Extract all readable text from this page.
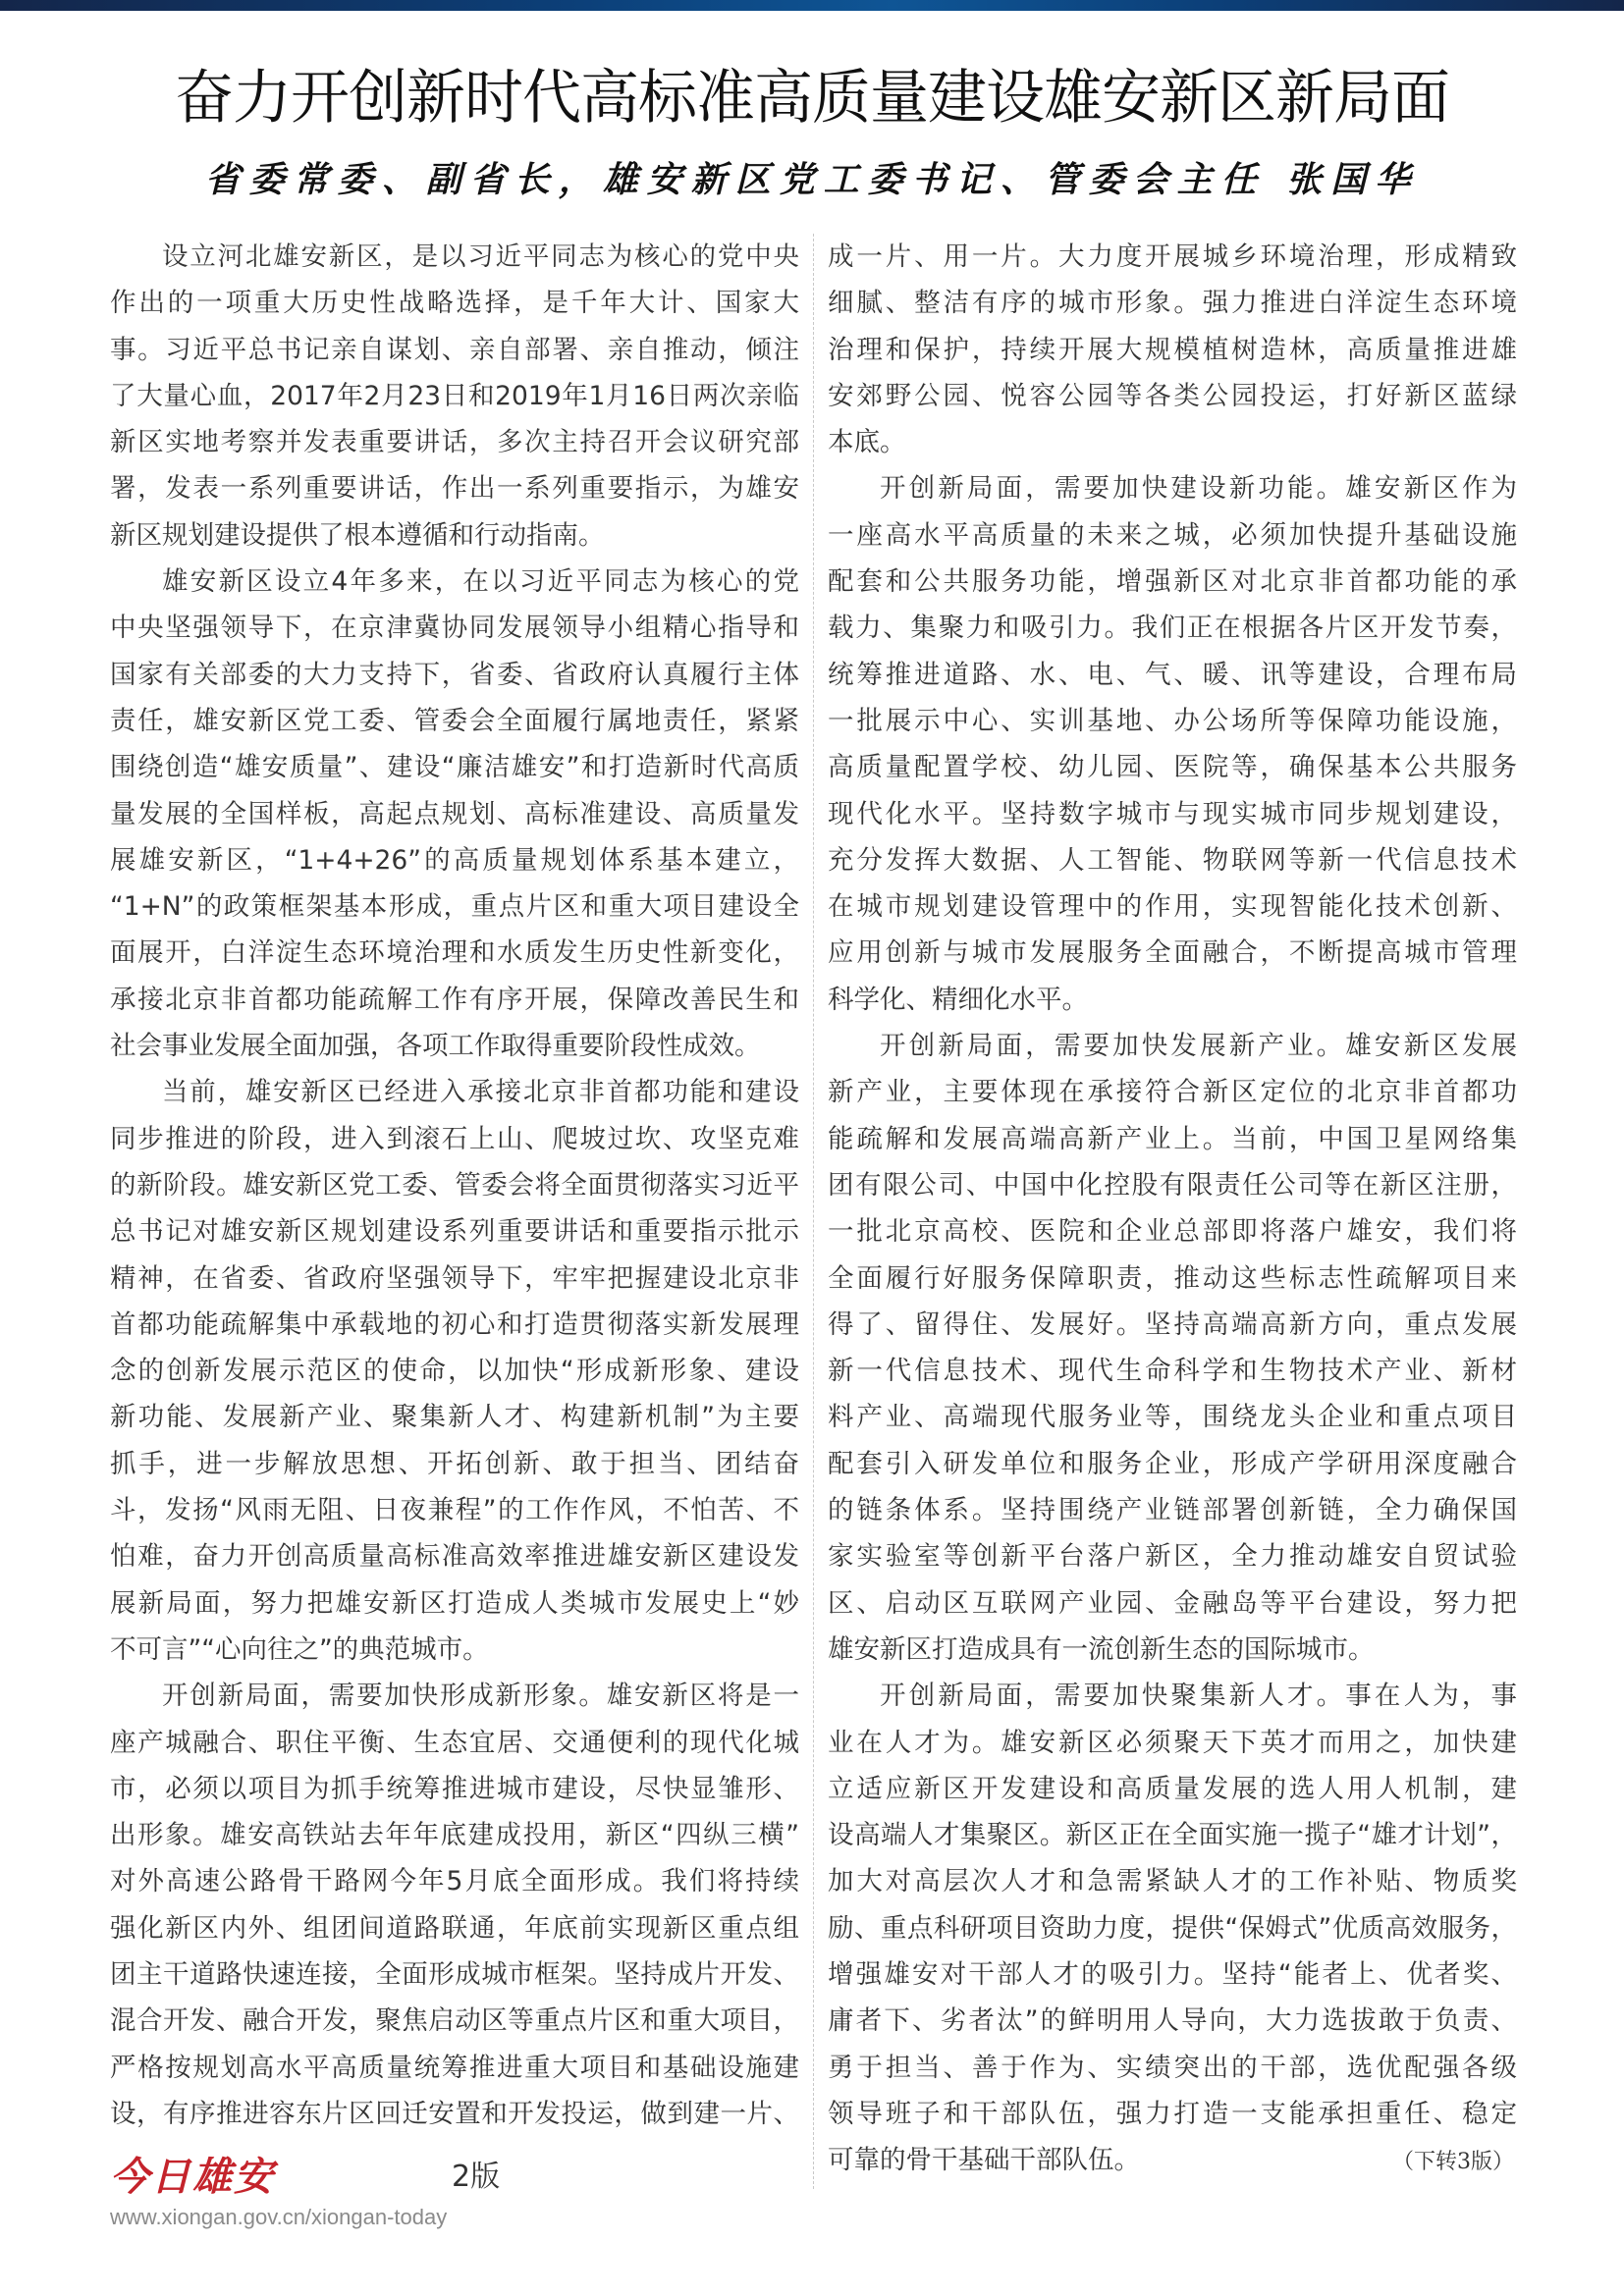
奋力开创新时代高标准高质量建设雄安新区新局面
省委常委、副省长，雄安新区党工委书记、管委会主任 张国华
设立河北雄安新区，是以习近平同志为核心的党中央
作出的一项重大历史性战略选择，是千年大计、国家大
事。习近平总书记亲自谋划、亲自部署、亲自推动，倾注
了大量心血，2017年2月23日和2019年1月16日两次亲临
新区实地考察并发表重要讲话，多次主持召开会议研究部
署，发表一系列重要讲话，作出一系列重要指示，为雄安
新区规划建设提供了根本遵循和行动指南。
雄安新区设立4年多来，在以习近平同志为核心的党
中央坚强领导下，在京津冀协同发展领导小组精心指导和
国家有关部委的大力支持下，省委、省政府认真履行主体
责任，雄安新区党工委、管委会全面履行属地责任，紧紧
围绕创造“雄安质量”、建设“廉洁雄安”和打造新时代高质
量发展的全国样板，高起点规划、高标准建设、高质量发
展雄安新区，“1+4+26”的高质量规划体系基本建立，
“1+N”的政策框架基本形成，重点片区和重大项目建设全
面展开，白洋淀生态环境治理和水质发生历史性新变化，
承接北京非首都功能疏解工作有序开展，保障改善民生和
社会事业发展全面加强，各项工作取得重要阶段性成效。
当前，雄安新区已经进入承接北京非首都功能和建设
同步推进的阶段，进入到滚石上山、爬坡过坎、攻坚克难
的新阶段。雄安新区党工委、管委会将全面贯彻落实习近平
总书记对雄安新区规划建设系列重要讲话和重要指示批示
精神，在省委、省政府坚强领导下，牢牢把握建设北京非
首都功能疏解集中承载地的初心和打造贯彻落实新发展理
念的创新发展示范区的使命，以加快“形成新形象、建设
新功能、发展新产业、聚集新人才、构建新机制”为主要
抓手，进一步解放思想、开拓创新、敢于担当、团结奋
斗，发扬“风雨无阻、日夜兼程”的工作作风，不怕苦、不
怕难，奋力开创高质量高标准高效率推进雄安新区建设发
展新局面，努力把雄安新区打造成人类城市发展史上“妙
不可言”“心向往之”的典范城市。
开创新局面，需要加快形成新形象。雄安新区将是一
座产城融合、职住平衡、生态宜居、交通便利的现代化城
市，必须以项目为抓手统筹推进城市建设，尽快显雏形、
出形象。雄安高铁站去年年底建成投用，新区“四纵三横”
对外高速公路骨干路网今年5月底全面形成。我们将持续
强化新区内外、组团间道路联通，年底前实现新区重点组
团主干道路快速连接，全面形成城市框架。坚持成片开发、
混合开发、融合开发，聚焦启动区等重点片区和重大项目，
严格按规划高水平高质量统筹推进重大项目和基础设施建
设，有序推进容东片区回迁安置和开发投运，做到建一片、
成一片、用一片。大力度开展城乡环境治理，形成精致
细腻、整洁有序的城市形象。强力推进白洋淀生态环境
治理和保护，持续开展大规模植树造林，高质量推进雄
安郊野公园、悦容公园等各类公园投运，打好新区蓝绿
本底。
开创新局面，需要加快建设新功能。雄安新区作为
一座高水平高质量的未来之城，必须加快提升基础设施
配套和公共服务功能，增强新区对北京非首都功能的承
载力、集聚力和吸引力。我们正在根据各片区开发节奏，
统筹推进道路、水、电、气、暖、讯等建设，合理布局
一批展示中心、实训基地、办公场所等保障功能设施，
高质量配置学校、幼儿园、医院等，确保基本公共服务
现代化水平。坚持数字城市与现实城市同步规划建设，
充分发挥大数据、人工智能、物联网等新一代信息技术
在城市规划建设管理中的作用，实现智能化技术创新、
应用创新与城市发展服务全面融合，不断提高城市管理
科学化、精细化水平。
开创新局面，需要加快发展新产业。雄安新区发展
新产业，主要体现在承接符合新区定位的北京非首都功
能疏解和发展高端高新产业上。当前，中国卫星网络集
团有限公司、中国中化控股有限责任公司等在新区注册，
一批北京高校、医院和企业总部即将落户雄安，我们将
全面履行好服务保障职责，推动这些标志性疏解项目来
得了、留得住、发展好。坚持高端高新方向，重点发展
新一代信息技术、现代生命科学和生物技术产业、新材
料产业、高端现代服务业等，围绕龙头企业和重点项目
配套引入研发单位和服务企业，形成产学研用深度融合
的链条体系。坚持围绕产业链部署创新链，全力确保国
家实验室等创新平台落户新区，全力推动雄安自贸试验
区、启动区互联网产业园、金融岛等平台建设，努力把
雄安新区打造成具有一流创新生态的国际城市。
开创新局面，需要加快聚集新人才。事在人为，事
业在人才为。雄安新区必须聚天下英才而用之，加快建
立适应新区开发建设和高质量发展的选人用人机制，建
设高端人才集聚区。新区正在全面实施一揽子“雄才计划”，
加大对高层次人才和急需紧缺人才的工作补贴、物质奖
励、重点科研项目资助力度，提供“保姆式”优质高效服务，
增强雄安对干部人才的吸引力。坚持“能者上、优者奖、
庸者下、劣者汰”的鲜明用人导向，大力选拔敢于负责、
勇于担当、善于作为、实绩突出的干部，选优配强各级
领导班子和干部队伍，强力打造一支能承担重任、稳定
可靠的骨干基础干部队伍。
今日雄安	2版
www.xiongan.gov.cn/xiongan-today
（下转3版）
